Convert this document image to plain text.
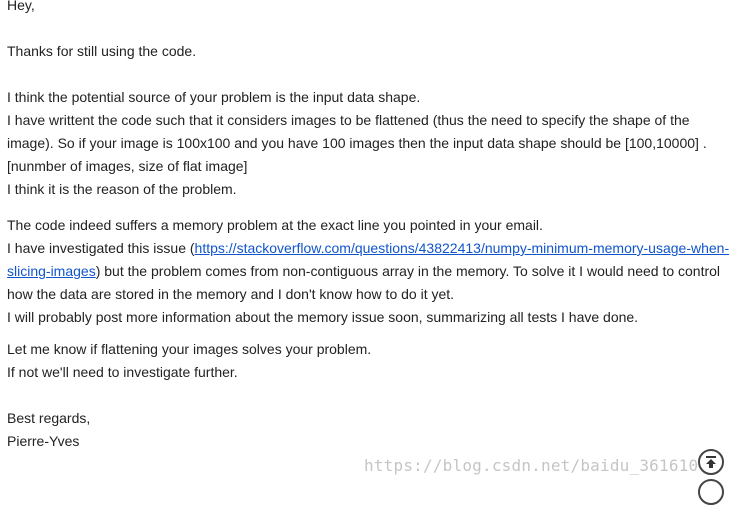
Hey,

Thanks for still using the code.

I think the potential source of your problem is the input data shape.

I have writtent the code such that it considers images to be flattened (thus the need to specify the shape of the image). So if your image is 100x100 and you have 100 images then the input data shape should be [100,10000] .

[nunmber of images, size of flat image]

I think it is the reason of the problem.

The code indeed suffers a memory problem at the exact line you pointed in your email.

I have investigated this issue (https://stackoverflow.com/questions/43822413/numpy-minimum-memory-usage-when-slicing-images) but the problem comes from non-contiguous array in the memory. To solve it I would need to control how the data are stored in the memory and I don't know how to do it yet.

I will probably post more information about the memory issue soon, summarizing all tests I have done.

Let me know if flattening your images solves your problem.

If not we'll need to investigate further.

Best regards,

Pierre-Yves

https://blog.csdn.net/baidu_361610
